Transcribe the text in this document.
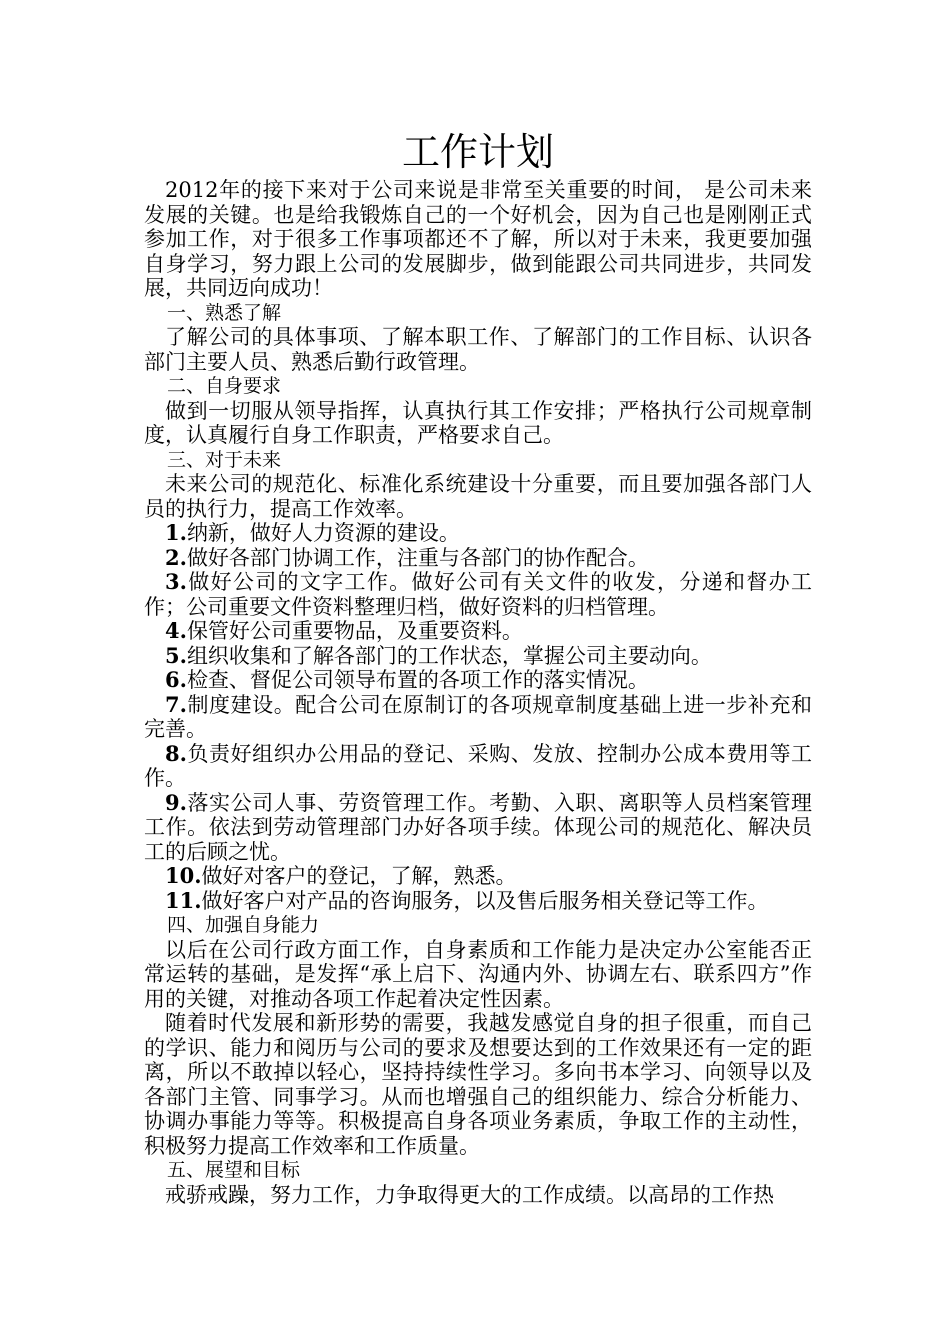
工作计划

2012年的接下来对于公司来说是非常至关重要的时间， 是公司未来发展的关键。也是给我锻炼自己的一个好机会，因为自己也是刚刚正式参加工作，对于很多工作事项都还不了解，所以对于未来，我更要加强自身学习，努力跟上公司的发展脚步，做到能跟公司共同进步，共同发展，共同迈向成功！

一、熟悉了解

了解公司的具体事项、了解本职工作、了解部门的工作目标、认识各部门主要人员、熟悉后勤行政管理。

二、自身要求

做到一切服从领导指挥，认真执行其工作安排；严格执行公司规章制度，认真履行自身工作职责，严格要求自己。

三、对于未来

未来公司的规范化、标准化系统建设十分重要，而且要加强各部门人员的执行力，提高工作效率。

1.纳新，做好人力资源的建设。

2.做好各部门协调工作，注重与各部门的协作配合。

3.做好公司的文字工作。做好公司有关文件的收发，分递和督办工作；公司重要文件资料整理归档，做好资料的归档管理。

4.保管好公司重要物品，及重要资料。

5.组织收集和了解各部门的工作状态，掌握公司主要动向。

6.检查、督促公司领导布置的各项工作的落实情况。

7.制度建设。配合公司在原制订的各项规章制度基础上进一步补充和完善。

8.负责好组织办公用品的登记、采购、发放、控制办公成本费用等工作。

9.落实公司人事、劳资管理工作。考勤、入职、离职等人员档案管理工作。依法到劳动管理部门办好各项手续。体现公司的规范化、解决员工的后顾之忧。

10.做好对客户的登记，了解，熟悉。

11.做好客户对产品的咨询服务，以及售后服务相关登记等工作。

四、加强自身能力

以后在公司行政方面工作，自身素质和工作能力是决定办公室能否正常运转的基础，是发挥“承上启下、沟通内外、协调左右、联系四方”作用的关键，对推动各项工作起着决定性因素。

随着时代发展和新形势的需要，我越发感觉自身的担子很重，而自己的学识、能力和阅历与公司的要求及想要达到的工作效果还有一定的距离，所以不敢掉以轻心，坚持持续性学习。多向书本学习、向领导以及各部门主管、同事学习。从而也增强自己的组织能力、综合分析能力、协调办事能力等等。积极提高自身各项业务素质，争取工作的主动性，积极努力提高工作效率和工作质量。

五、展望和目标

戒骄戒躁，努力工作，力争取得更大的工作成绩。以高昂的工作热
